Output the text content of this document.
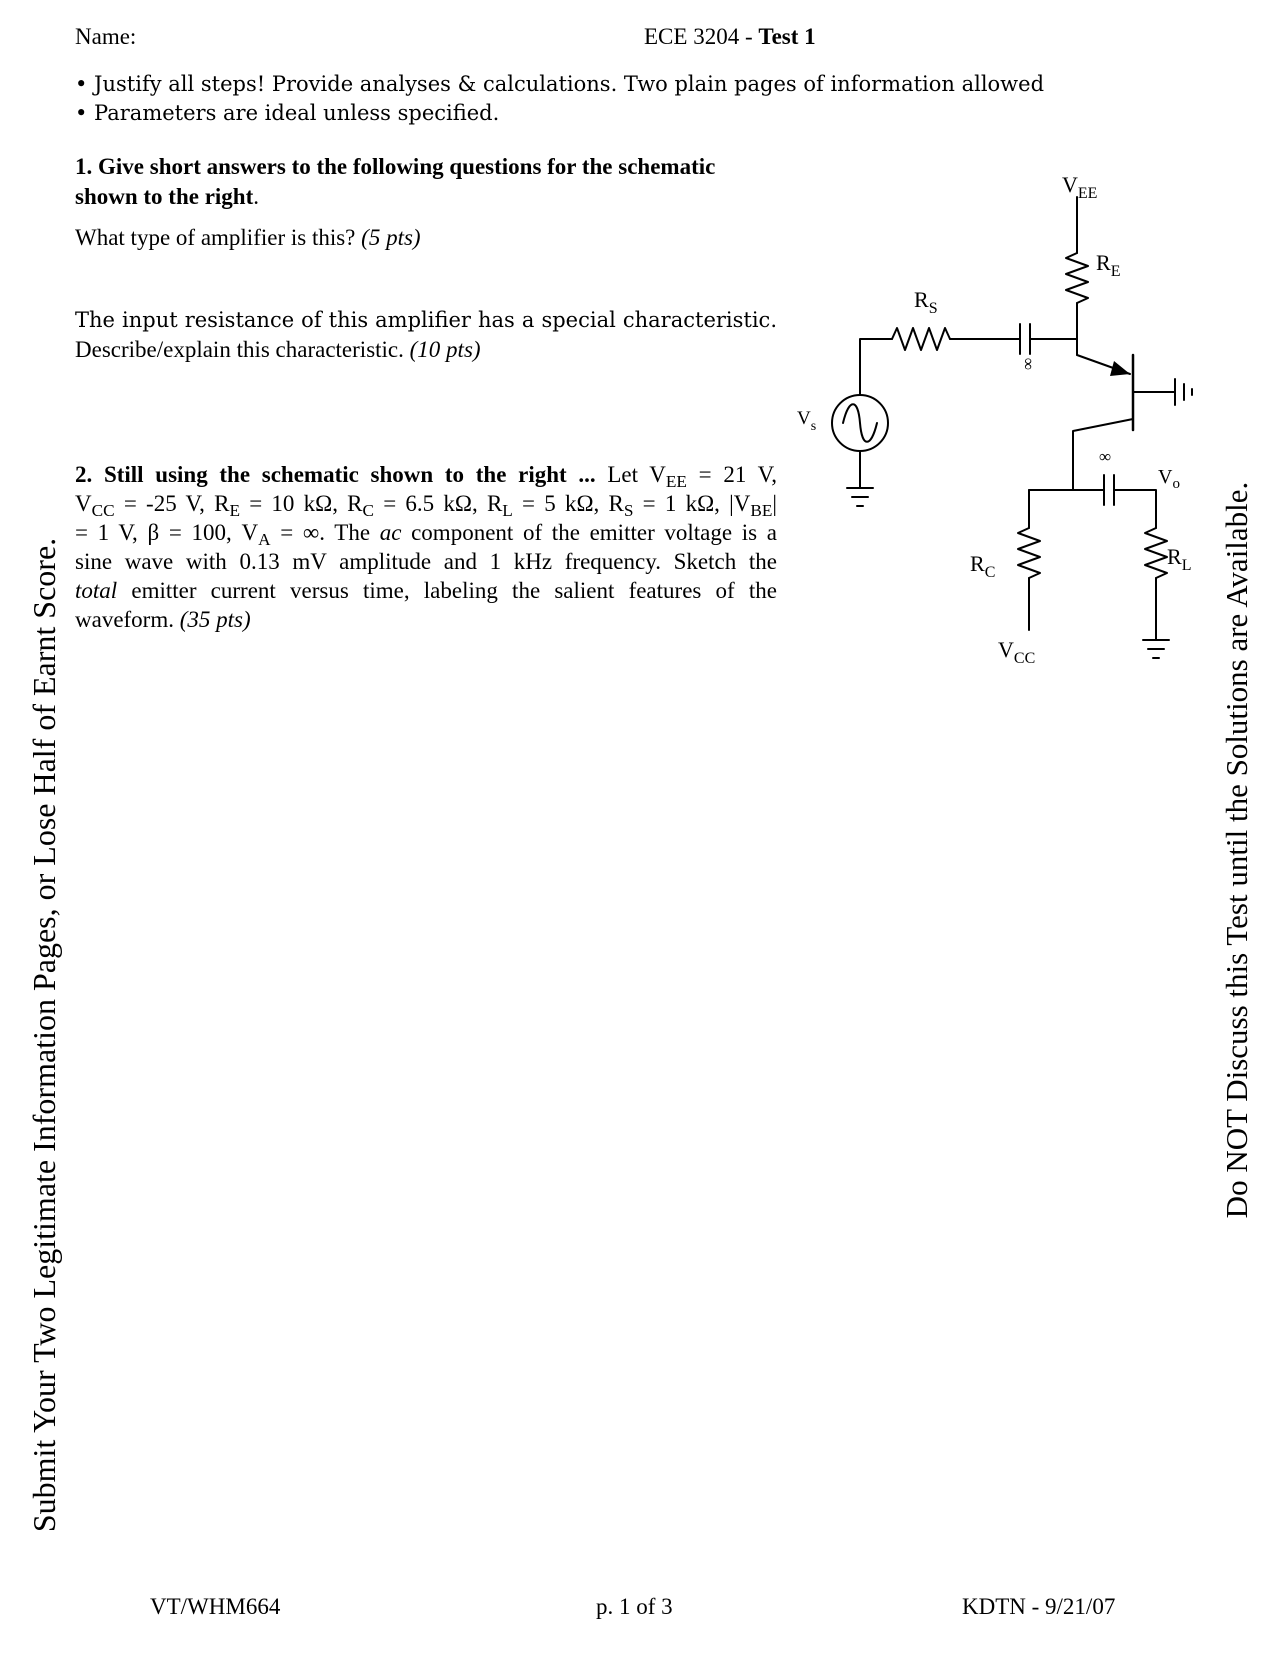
Name:	ECE 3204 - Test 1
• Justify all steps! Provide analyses & calculations. Two plain pages of information allowed
• Parameters are ideal unless specified.
1. Give short answers to the following questions for the schematic
shown to the right.
What type of amplifier is this? (5 pts)
The input resistance of this amplifier has a special characteristic.
Describe/explain this characteristic. (10 pts)
2. Still using the schematic shown to the right ... Let $V_{EE} = 21$ V,
$V_{CC} = -25$ V, $R_E = 10$ kΩ, $R_C = 6.5$ kΩ, $R_L = 5$ kΩ, $R_S = 1$ kΩ, $|V_{BE}|$
= 1 V, β = 100, $V_A$ = ∞. The ac component of the emitter voltage is a
sine wave with 0.13 mV amplitude and 1 kHz frequency. Sketch the
total emitter current versus time, labeling the salient features of the
waveform. (35 pts)
$V_{EE}$
$R_E$
$R_S$
$V_s$
∞
∞
$V_o$
$R_C$
$R_L$
$V_{CC}$
Submit Your Two Legitimate Information Pages, or Lose Half of Earnt Score.	Do NOT Discuss this Test until the Solutions are Available.
VT/WHM664	p. 1 of 3	KDTN - 9/21/07
